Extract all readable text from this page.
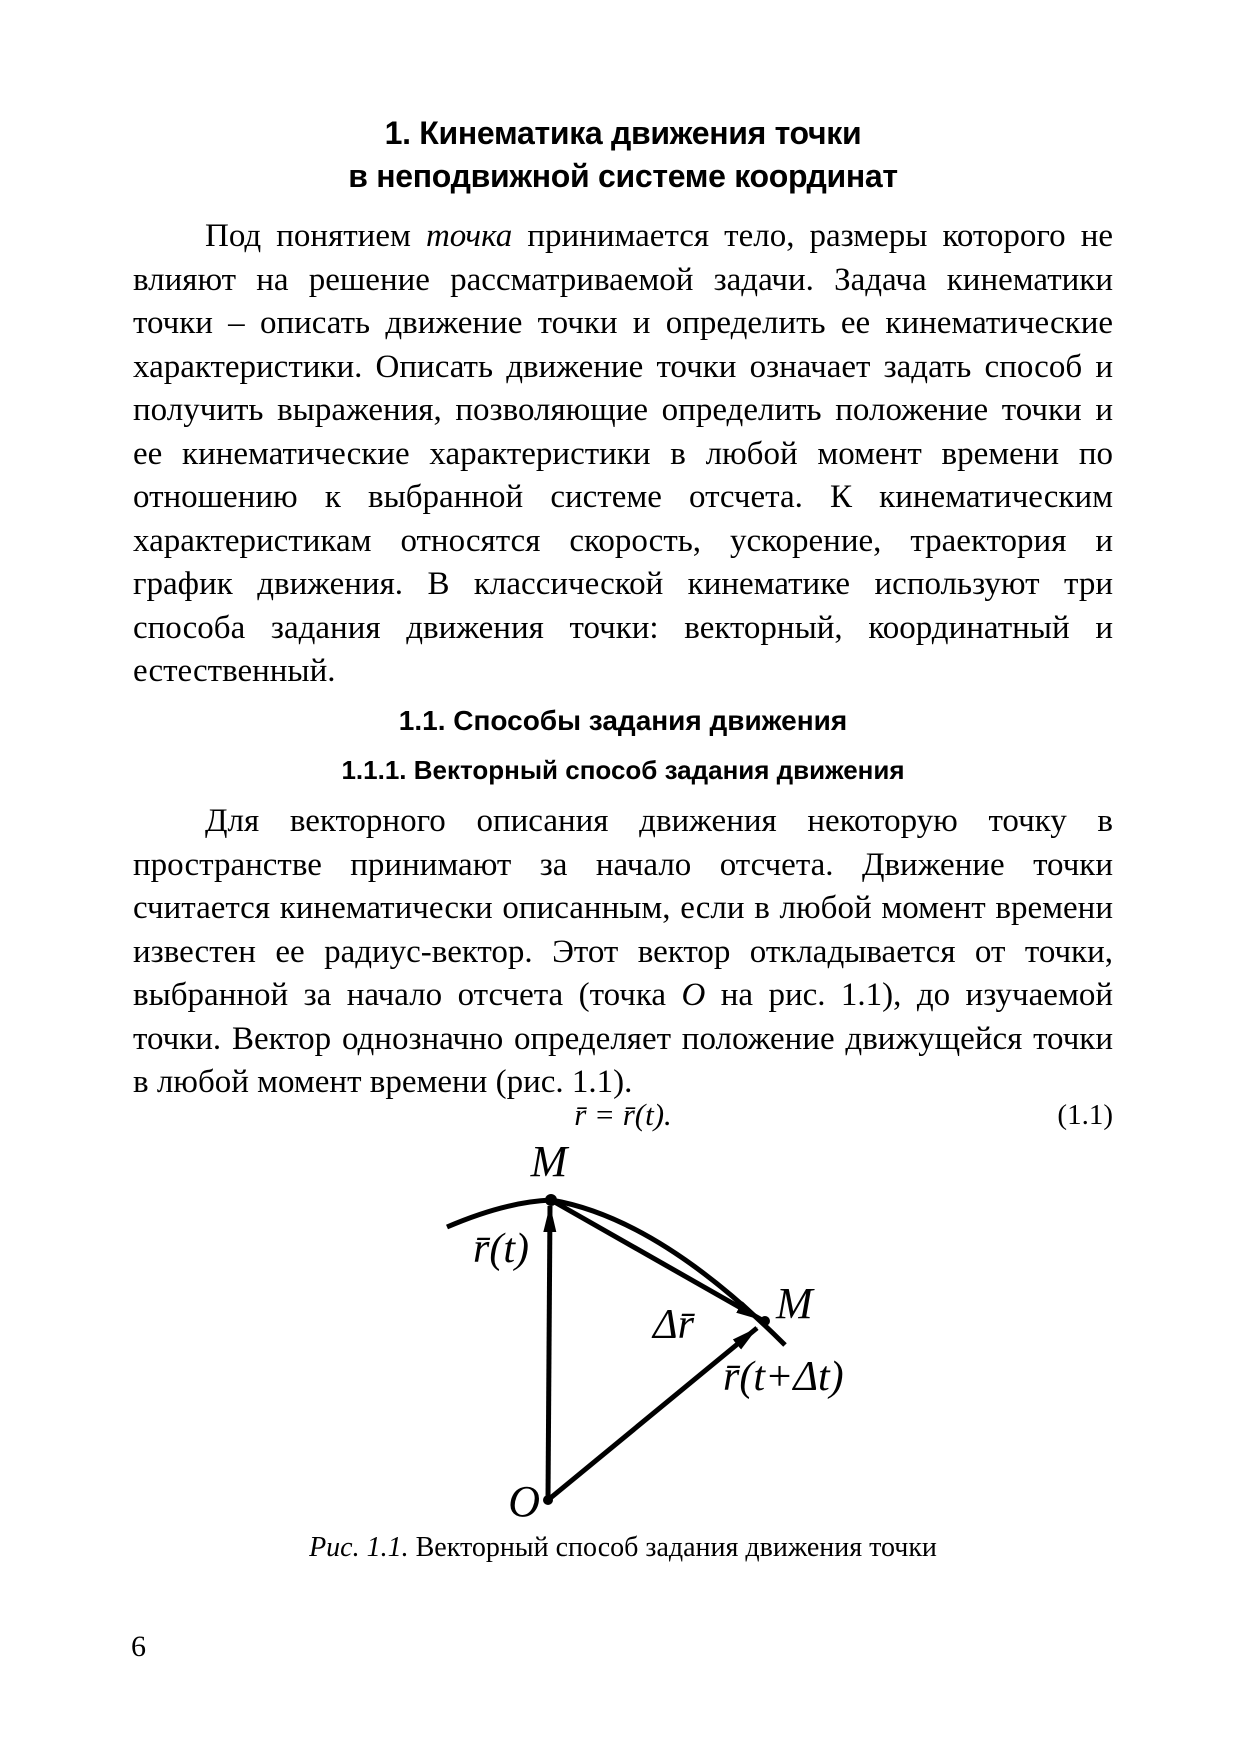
1. Кинематика движения точки
в неподвижной системе координат

Под понятием точка принимается тело, размеры которого не влияют на решение рассматриваемой задачи. Задача кинематики точки – описать движение точки и определить ее кинематические характеристики. Описать движение точки означает задать способ и получить выражения, позволяющие определить положение точки и ее кинематические характеристики в любой момент времени по отношению к выбранной системе отсчета. К кинематическим характеристикам относятся скорость, ускорение, траектория и график движения. В классической кинематике используют три способа задания движения точки: векторный, координатный и естественный.

1.1. Способы задания движения
1.1.1. Векторный способ задания движения

Для векторного описания движения некоторую точку в пространстве принимают за начало отсчета. Движение точки считается кинематически описанным, если в любой момент времени известен ее радиус-вектор. Этот вектор откладывается от точки, выбранной за начало отсчета (точка O на рис. 1.1), до изучаемой точки. Вектор однозначно определяет положение движущейся точки в любой момент времени (рис. 1.1).

r̄ = r̄(t).	(1.1)
M
r̄(t)
Δr̄ M
r̄(t+Δt)
O
Рис. 1.1. Векторный способ задания движения точки
6
